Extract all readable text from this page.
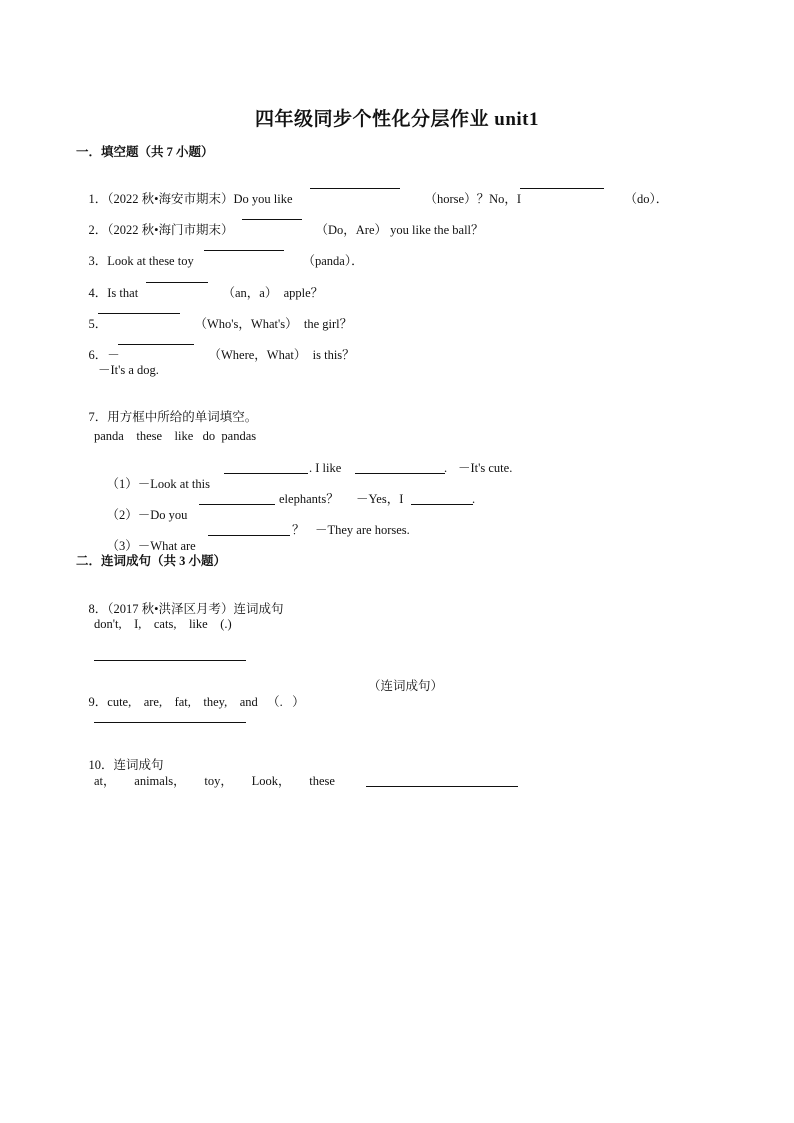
四年级同步个性化分层作业 unit1
一．填空题（共 7 小题）

1．（2022 秋•海安市期末）Do you like
	（horse）？No，I
	（do）．

2．（2022 秋•海门市期末）
	（Do，Are） you like the ball？

3．Look at these toy
	（panda）．

4．Is that
	（an，a） apple？

5．
	（Who's，What's） the girl？

6．－
	（Where，What） is this？

－It's a dog.

7．用方框中所给的单词填空。

panda    these    like   do  pandas

（1）－Look at this

. I like	. －It's cute.

（2）－Do you

elephants？ －Yes，I	.

（3）－What are

？ －They are horses.
二．连词成句（共 3 小题）

8．（2017 秋•洪泽区月考）连词成句

don't,    I,    cats,    like    (.)

9．cute,    are,    fat,    they,    and   （.   ）

（连词成句）

10．连词成句

at，      animals，      toy，      Look，      these
